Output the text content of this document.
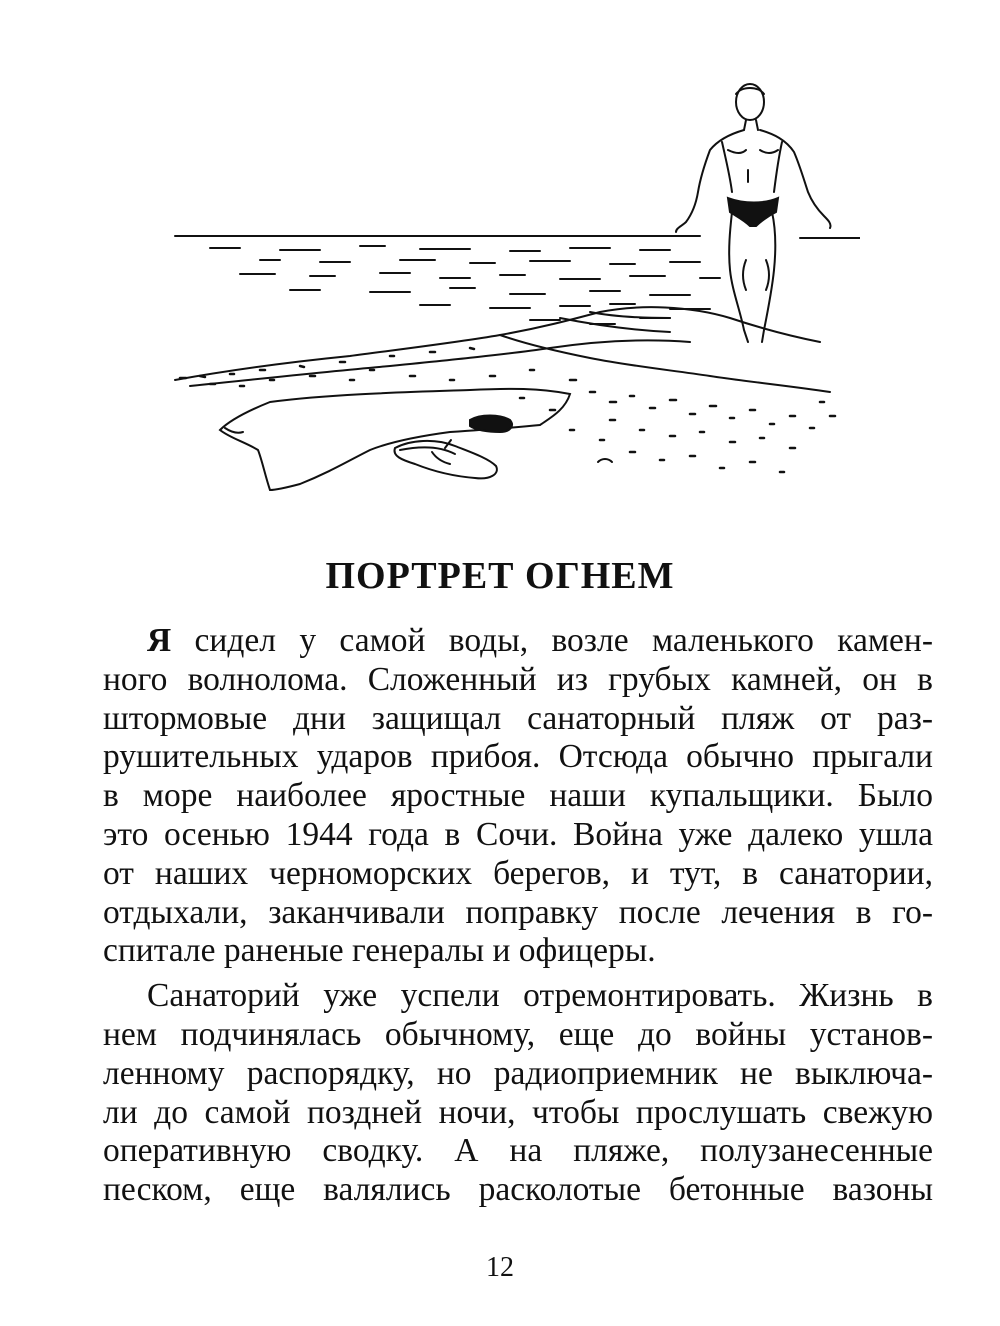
ПОРТРЕТ ОГНЕМ
Я сидел у самой воды, возле маленького камен-
ного волнолома. Сложенный из грубых камней, он в
штормовые дни защищал санаторный пляж от раз-
рушительных ударов прибоя. Отсюда обычно прыгали
в море наиболее яростные наши купальщики. Было
это осенью 1944 года в Сочи. Война уже далеко ушла
от наших черноморских берегов, и тут, в санатории,
отдыхали, заканчивали поправку после лечения в го-
спитале раненые генералы и офицеры.
Санаторий уже успели отремонтировать. Жизнь в
нем подчинялась обычному, еще до войны установ-
ленному распорядку, но радиоприемник не выключа-
ли до самой поздней ночи, чтобы прослушать свежую
оперативную сводку. А на пляже, полузанесенные
песком, еще валялись расколотые бетонные вазоны
12
